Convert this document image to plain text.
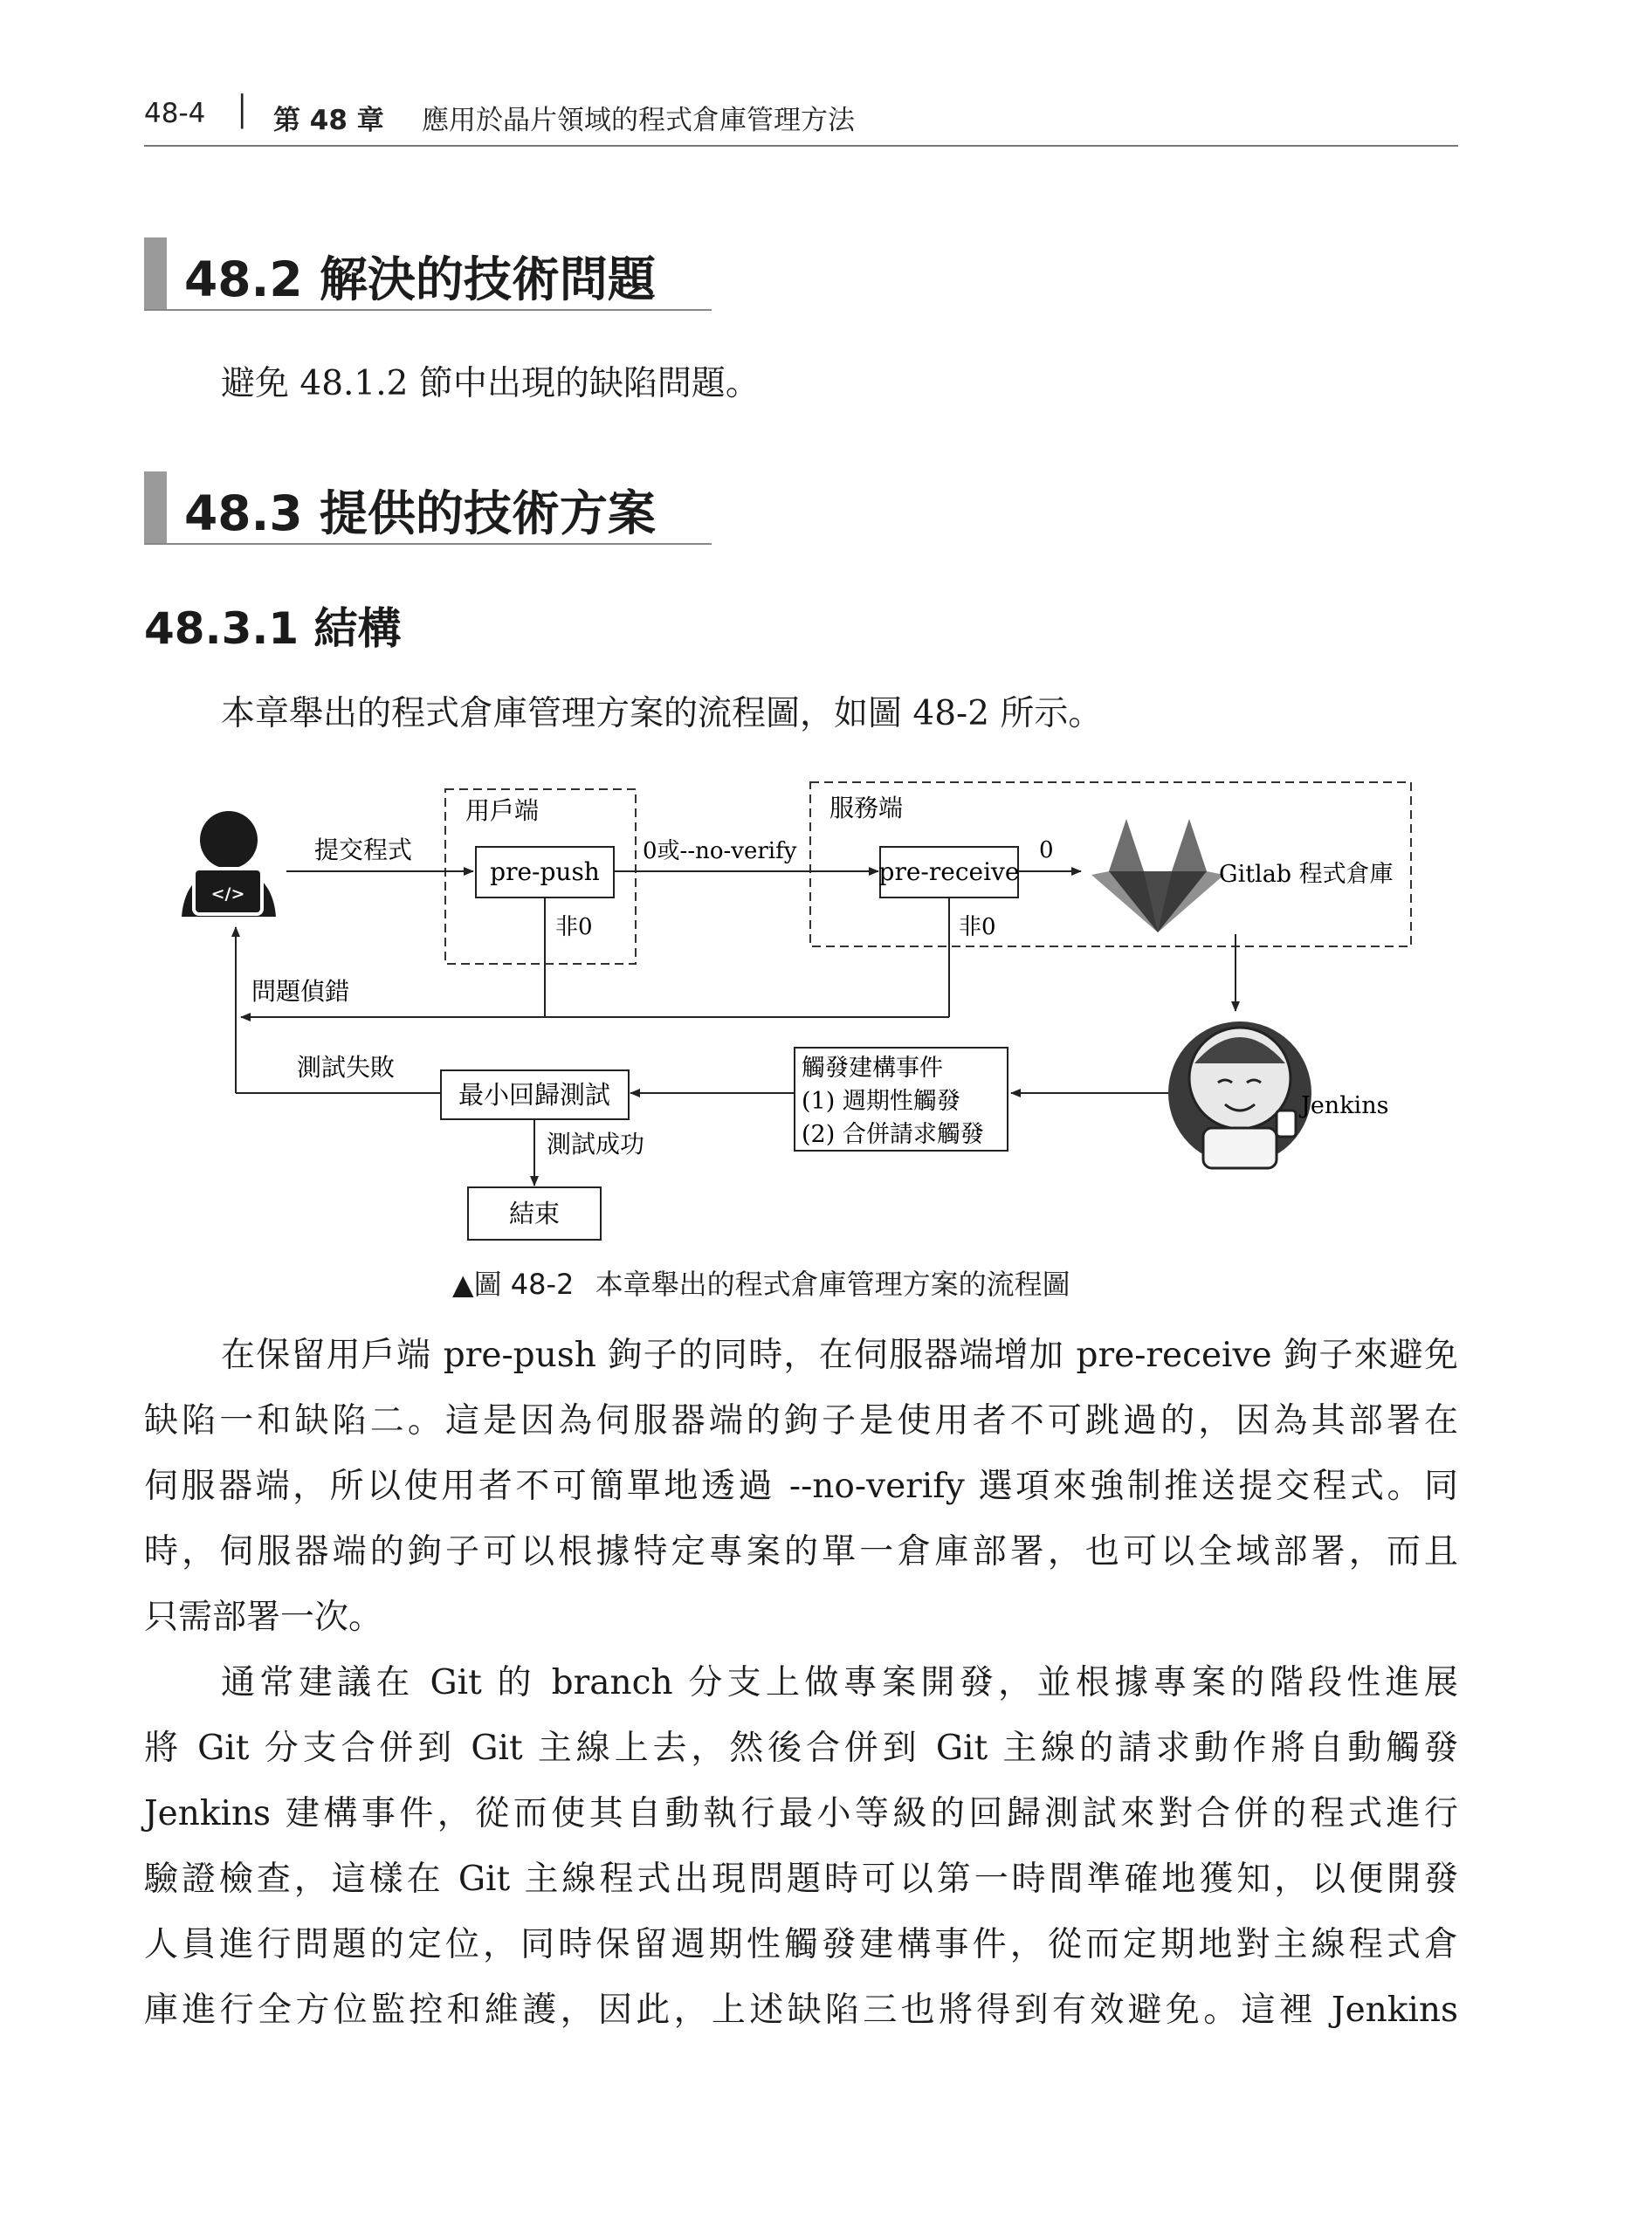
48-4 │ 第 48 章 應用於晶片領域的程式倉庫管理方法
48.2 解決的技術問題
避免 48.1.2 節中出現的缺陷問題。
48.3 提供的技術方案
48.3.1 結構
本章舉出的程式倉庫管理方案的流程圖，如圖 48-2 所示。
</>
用戶端	服務端
提交程式
pre-push
0或--no-verify
pre-receive
0
Gitlab 程式倉庫
非0	非0
問題偵錯
Jenkins
觸發建構事件
(1) 週期性觸發
(2) 合併請求觸發
最小回歸測試
測試失敗
測試成功
結束
▲圖 48-2 本章舉出的程式倉庫管理方案的流程圖
在保留用戶端 pre-push 鉤子的同時，在伺服器端增加 pre-receive 鉤子來避免
缺陷一和缺陷二。這是因為伺服器端的鉤子是使用者不可跳過的，因為其部署在
伺服器端，所以使用者不可簡單地透過 --no-verify 選項來強制推送提交程式。同
時，伺服器端的鉤子可以根據特定專案的單一倉庫部署，也可以全域部署，而且
只需部署一次。
通常建議在 Git 的 branch 分支上做專案開發，並根據專案的階段性進展
將 Git 分支合併到 Git 主線上去，然後合併到 Git 主線的請求動作將自動觸發
Jenkins 建構事件，從而使其自動執行最小等級的回歸測試來對合併的程式進行
驗證檢查，這樣在 Git 主線程式出現問題時可以第一時間準確地獲知，以便開發
人員進行問題的定位，同時保留週期性觸發建構事件，從而定期地對主線程式倉
庫進行全方位監控和維護，因此，上述缺陷三也將得到有效避免。這裡 Jenkins
